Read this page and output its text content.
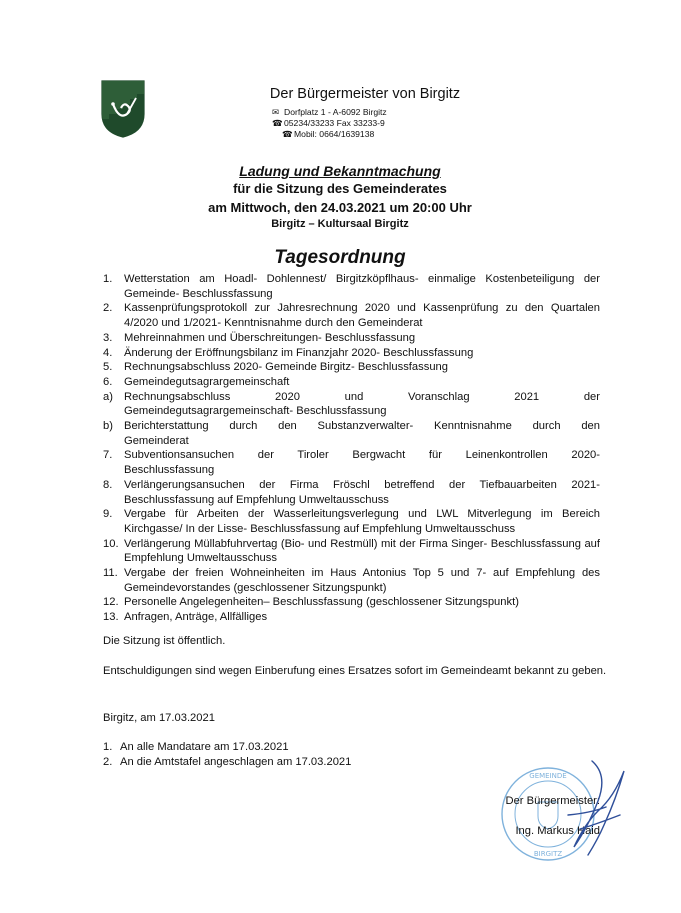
Der Bürgermeister von Birgitz
✉ Dorfplatz 1 - A-6092 Birgitz
☎05234/33233 Fax 33233-9
☎Mobil: 0664/1639138
Ladung und Bekanntmachung
für die Sitzung des Gemeinderates
am Mittwoch, den 24.03.2021 um 20:00 Uhr
Birgitz – Kultursaal Birgitz
Tagesordnung
1. Wetterstation am Hoadl- Dohlennest/ Birgitzköpflhaus- einmalige Kostenbeteiligung der Gemeinde- Beschlussfassung
2. Kassenprüfungsprotokoll zur Jahresrechnung 2020 und Kassenprüfung zu den Quartalen 4/2020 und 1/2021- Kenntnisnahme durch den Gemeinderat
3. Mehreinnahmen und Überschreitungen- Beschlussfassung
4. Änderung der Eröffnungsbilanz im Finanzjahr 2020- Beschlussfassung
5. Rechnungsabschluss 2020- Gemeinde Birgitz- Beschlussfassung
6. Gemeindegutsagrargemeinschaft
a) Rechnungsabschluss 2020 und Voranschlag 2021 der
Gemeindegutsagrargemeinschaft- Beschlussfassung
b) Berichterstattung durch den Substanzverwalter- Kenntnisnahme durch den
Gemeinderat
7. Subventionsansuchen der Tiroler Bergwacht für Leinenkontrollen 2020-
Beschlussfassung
8. Verlängerungsansuchen der Firma Fröschl betreffend der Tiefbauarbeiten 2021- Beschlussfassung auf Empfehlung Umweltausschuss
9. Vergabe für Arbeiten der Wasserleitungsverlegung und LWL Mitverlegung im Bereich Kirchgasse/ In der Lisse- Beschlussfassung auf Empfehlung Umweltausschuss
10. Verlängerung Müllabfuhrvertag (Bio- und Restmüll) mit der Firma Singer- Beschlussfassung auf Empfehlung Umweltausschuss
11. Vergabe der freien Wohneinheiten im Haus Antonius Top 5 und 7- auf Empfehlung des Gemeindevorstandes (geschlossener Sitzungspunkt)
12. Personelle Angelegenheiten– Beschlussfassung (geschlossener Sitzungspunkt)
13. Anfragen, Anträge, Allfälliges
Die Sitzung ist öffentlich.
Entschuldigungen sind wegen Einberufung eines Ersatzes sofort im Gemeindeamt bekannt zu geben.
Birgitz, am 17.03.2021
1. An alle Mandatare am 17.03.2021
2. An die Amtstafel angeschlagen am 17.03.2021
GEMEINDE
BIRGITZ
Der Bürgermeister:
Ing. Markus Haid
